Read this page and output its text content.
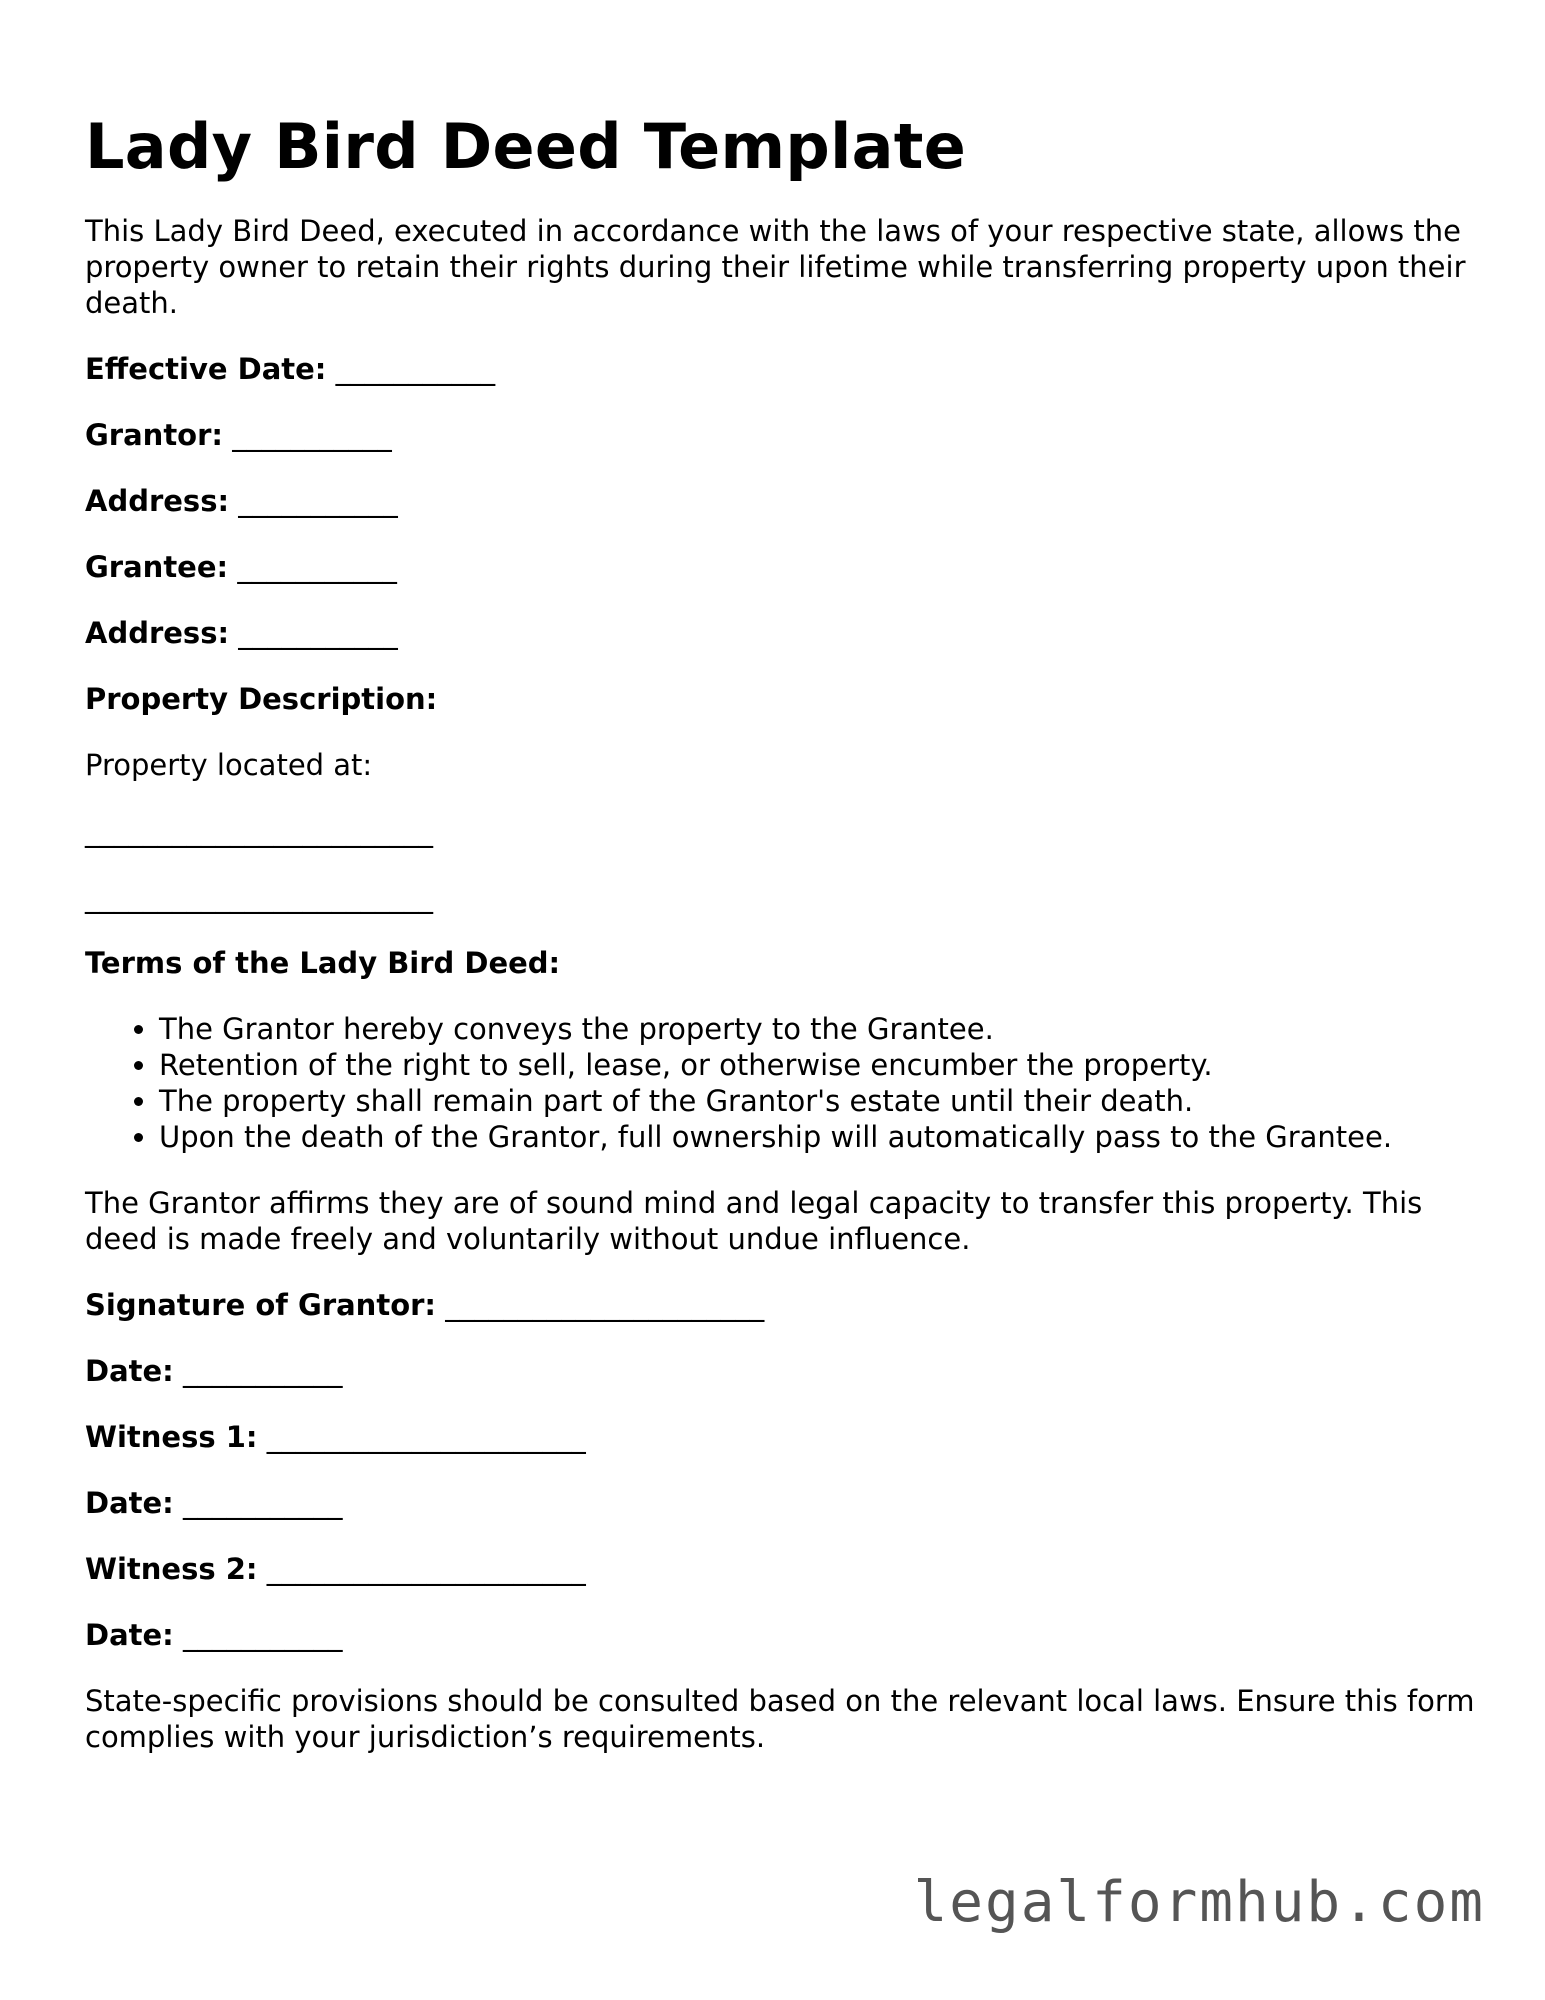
Lady Bird Deed Template

This Lady Bird Deed, executed in accordance with the laws of your respective state, allows the property owner to retain their rights during their lifetime while transferring property upon their death.

Effective Date: ___________

Grantor: ___________

Address: ___________

Grantee: ___________

Address: ___________

Property Description:

Property located at:

________________________

________________________

Terms of the Lady Bird Deed:

• The Grantor hereby conveys the property to the Grantee.
• Retention of the right to sell, lease, or otherwise encumber the property.
• The property shall remain part of the Grantor's estate until their death.
• Upon the death of the Grantor, full ownership will automatically pass to the Grantee.

The Grantor affirms they are of sound mind and legal capacity to transfer this property. This deed is made freely and voluntarily without undue influence.

Signature of Grantor: ______________________

Date: ___________

Witness 1: ______________________

Date: ___________

Witness 2: ______________________

Date: ___________

State-specific provisions should be consulted based on the relevant local laws. Ensure this form complies with your jurisdiction’s requirements.

legalformhub.com
